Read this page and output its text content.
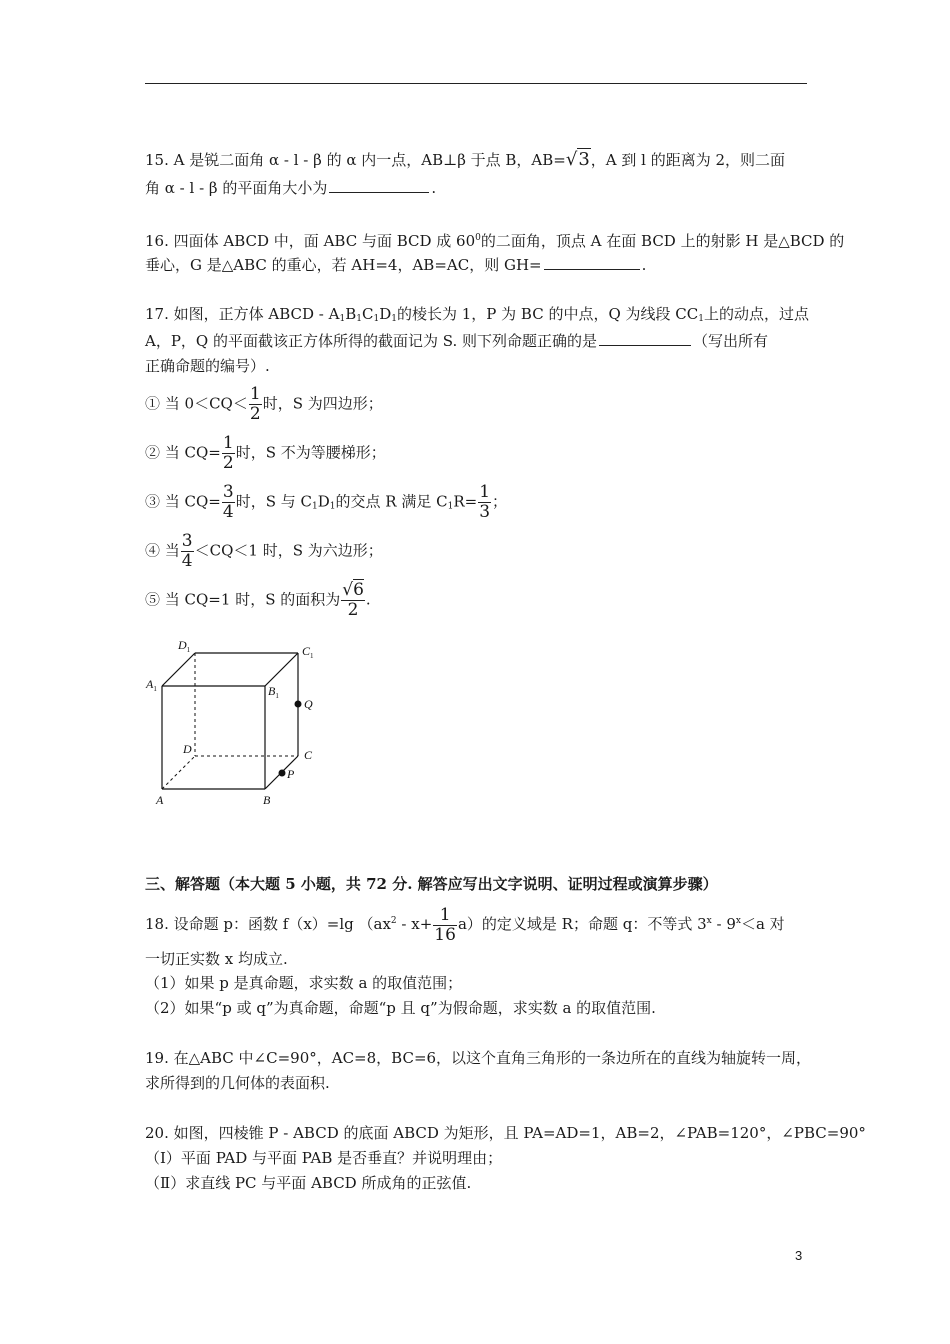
15. A 是锐二面角 α - l - β 的 α 内一点，AB⊥β 于点 B，AB=√3，A 到 l 的距离为 2，则二面
角 α - l - β 的平面角大小为	.
16. 四面体 ABCD 中，面 ABC 与面 BCD 成 $60^0$的二面角，顶点 A 在面 BCD 上的射影 H 是△BCD 的
垂心，G 是△ABC 的重心，若 AH=4，AB=AC，则 GH=	.
17. 如图，正方体 ABCD - $A_1B_1C_1D_1$的棱长为 1，P 为 BC 的中点，Q 为线段 $CC_1$上的动点，过点
A，P，Q 的平面截该正方体所得的截面记为 S. 则下列命题正确的是	（写出所有
正确命题的编号）.
① 当 $0<CQ< \frac{1}{2}$ 时，S 为四边形；
② 当 $CQ= \frac{1}{2}$ 时，S 不为等腰梯形；
③ 当 $CQ= \frac{3}{4}$ 时，S 与 $C_1D_1$的交点 R 满足 $C_1R= \frac{1}{3}$ ；
④ 当 $\frac{3}{4} <CQ<1$ 时，S 为六边形；
⑤ 当 CQ=1 时，S 的面积为 $\frac{√6}{2}$ .
三、解答题（本大题 5 小题，共 72 分. 解答应写出文字说明、证明过程或演算步骤）
18. 设命题 p：函数 f（x）=lg $(ax^2 - x+ \frac{1}{16} a)$的定义域是 R；命题 q：不等式 $3^x - 9^x<a$ 对
一切正实数 x 均成立.
（1）如果 p 是真命题，求实数 a 的取值范围；
（2）如果“p 或 q”为真命题，命题“p 且 q”为假命题，求实数 a 的取值范围.
19. 在△ABC 中∠C=90°，AC=8，BC=6，以这个直角三角形的一条边所在的直线为轴旋转一周，
求所得到的几何体的表面积.
20. 如图，四棱锥 P - ABCD 的底面 ABCD 为矩形，且 PA=AD=1，AB=2，∠PAB=120°，∠PBC=90°
（Ⅰ）平面 PAD 与平面 PAB 是否垂直？并说明理由；
（Ⅱ）求直线 PC 与平面 ABCD 所成角的正弦值.
$D_1$	$C_1$
$A_1$	$B_1$
Q
D	C
P
A	B
3
